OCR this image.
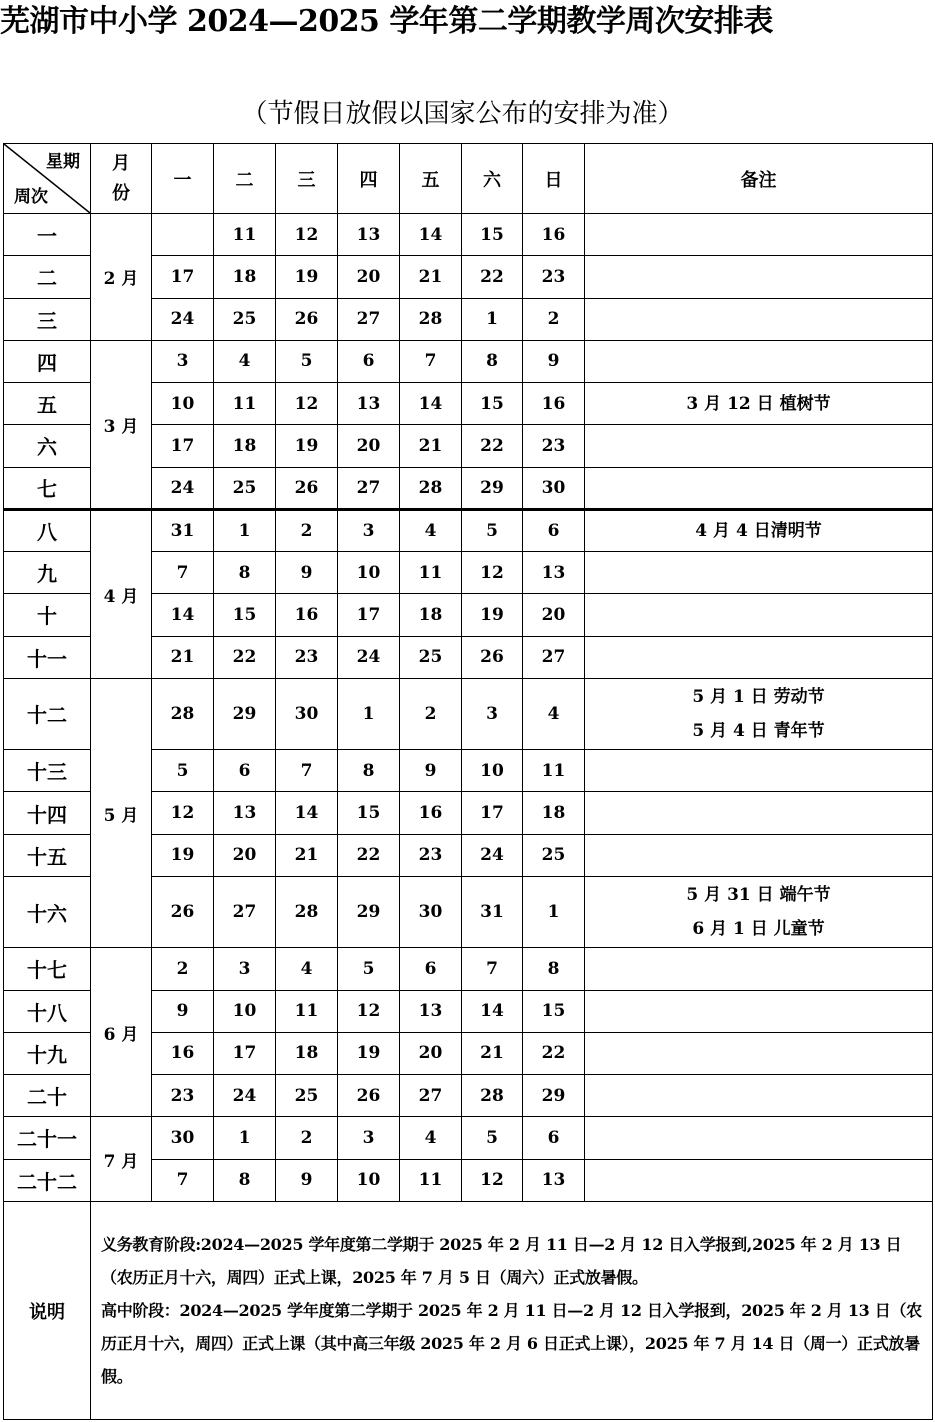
芜湖市中小学 2024—2025 学年第二学期教学周次安排表
（节假日放假以国家公布的安排为准）
星期
周次	月
份	一	二	三	四	五	六	日	备注
一	2 月		11	12	13	14	15	16	
二		17	18	19	20	21	22	23	
三		24	25	26	27	28	1	2	
四	3 月	3	4	5	6	7	8	9	
五		10	11	12	13	14	15	16	3 月 12 日 植树节

六		17	18	19	20	21	22	23	
七		24	25	26	27	28	29	30	
八	4 月	31	1	2	3	4	5	6	4 月 4 日清明节

九		7	8	9	10	11	12	13	
十		14	15	16	17	18	19	20	
十一		21	22	23	24	25	26	27	
十二	5 月	28	29	30	1	2	3	4	5 月 1 日 劳动节
5 月 4 日 青年节

十三		5	6	7	8	9	10	11	
十四		12	13	14	15	16	17	18	
十五		19	20	21	22	23	24	25	
十六		26	27	28	29	30	31	1	5 月 31 日 端午节
6 月 1 日 儿童节

十七	6 月	2	3	4	5	6	7	8	
十八		9	10	11	12	13	14	15	
十九		16	17	18	19	20	21	22	
二十		23	24	25	26	27	28	29	
二十一	7 月	30	1	2	3	4	5	6	
二十二		7	8	9	10	11	12	13	
说明	义务教育阶段:2024—2025 学年度第二学期于 2025 年 2 月 11 日—2 月 12 日入学报到,2025 年 2 月 13 日（农历正月十六，周四）正式上课，2025 年 7 月 5 日（周六）正式放暑假。

高中阶段：2024—2025 学年度第二学期于 2025 年 2 月 11 日—2 月 12 日入学报到，2025 年 2 月 13 日（农历正月十六，周四）正式上课（其中高三年级 2025 年 2 月 6 日正式上课），2025 年 7 月 14 日（周一）正式放暑假。								
